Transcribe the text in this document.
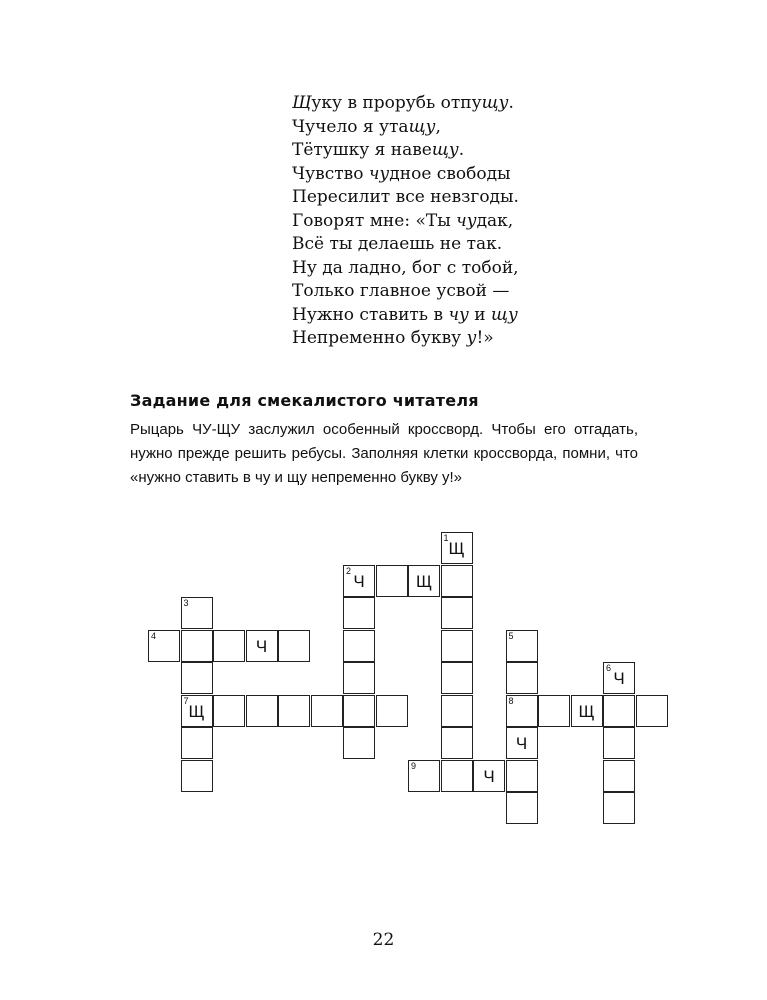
Щуку в прорубь отпущу.
Чучело я утащу,
Тётушку я навещу.
Чувство чудное свободы
Пересилит все невзгоды.
Говорят мне: «Ты чудак,
Всё ты делаешь не так.
Ну да ладно, бог с тобой,
Только главное усвой —
Нужно ставить в чу и щу
Непременно букву у!»
Задание для смекалистого читателя
Рыцарь ЧУ-ЩУ заслужил особенный кроссворд. Чтобы его отгадать,
нужно прежде решить ребусы. Заполняя клетки кроссворда, помни, что
«нужно ставить в чу и щу непременно букву у!»
1
Щ
2
Ч	Щ
3
4
Ч
5
6
Ч
7
Щ
8
Щ
Ч
9
Ч
22
